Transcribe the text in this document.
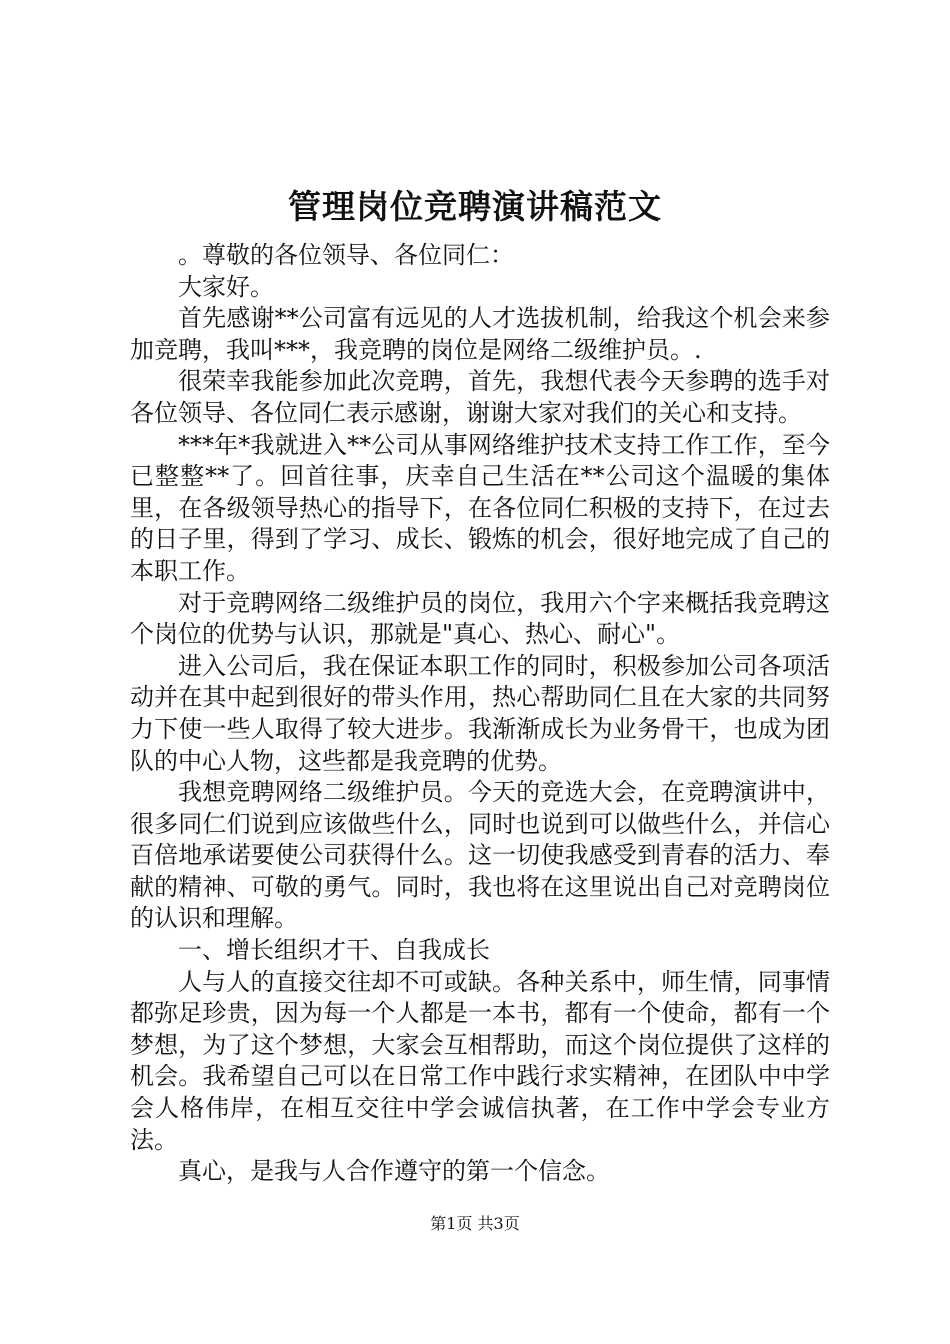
管理岗位竞聘演讲稿范文

。尊敬的各位领导、各位同仁：

大家好。

首先感谢**公司富有远见的人才选拔机制，给我这个机会来参加竞聘，我叫***，我竞聘的岗位是网络二级维护员。.

很荣幸我能参加此次竞聘，首先，我想代表今天参聘的选手对各位领导、各位同仁表示感谢，谢谢大家对我们的关心和支持。

***年*我就进入**公司从事网络维护技术支持工作工作，至今已整整**了。回首往事，庆幸自己生活在**公司这个温暖的集体里，在各级领导热心的指导下，在各位同仁积极的支持下，在过去的日子里，得到了学习、成长、锻炼的机会，很好地完成了自己的本职工作。

对于竞聘网络二级维护员的岗位，我用六个字来概括我竞聘这个岗位的优势与认识，那就是"真心、热心、耐心"。

进入公司后，我在保证本职工作的同时，积极参加公司各项活动并在其中起到很好的带头作用，热心帮助同仁且在大家的共同努力下使一些人取得了较大进步。我渐渐成长为业务骨干，也成为团队的中心人物，这些都是我竞聘的优势。

我想竞聘网络二级维护员。今天的竞选大会，在竞聘演讲中，很多同仁们说到应该做些什么，同时也说到可以做些什么，并信心百倍地承诺要使公司获得什么。这一切使我感受到青春的活力、奉献的精神、可敬的勇气。同时，我也将在这里说出自己对竞聘岗位的认识和理解。

一、增长组织才干、自我成长

人与人的直接交往却不可或缺。各种关系中，师生情，同事情都弥足珍贵，因为每一个人都是一本书，都有一个使命，都有一个梦想，为了这个梦想，大家会互相帮助，而这个岗位提供了这样的机会。我希望自己可以在日常工作中践行求实精神，在团队中中学会人格伟岸，在相互交往中学会诚信执著，在工作中学会专业方法。

真心，是我与人合作遵守的第一个信念。

第1页 共3页
